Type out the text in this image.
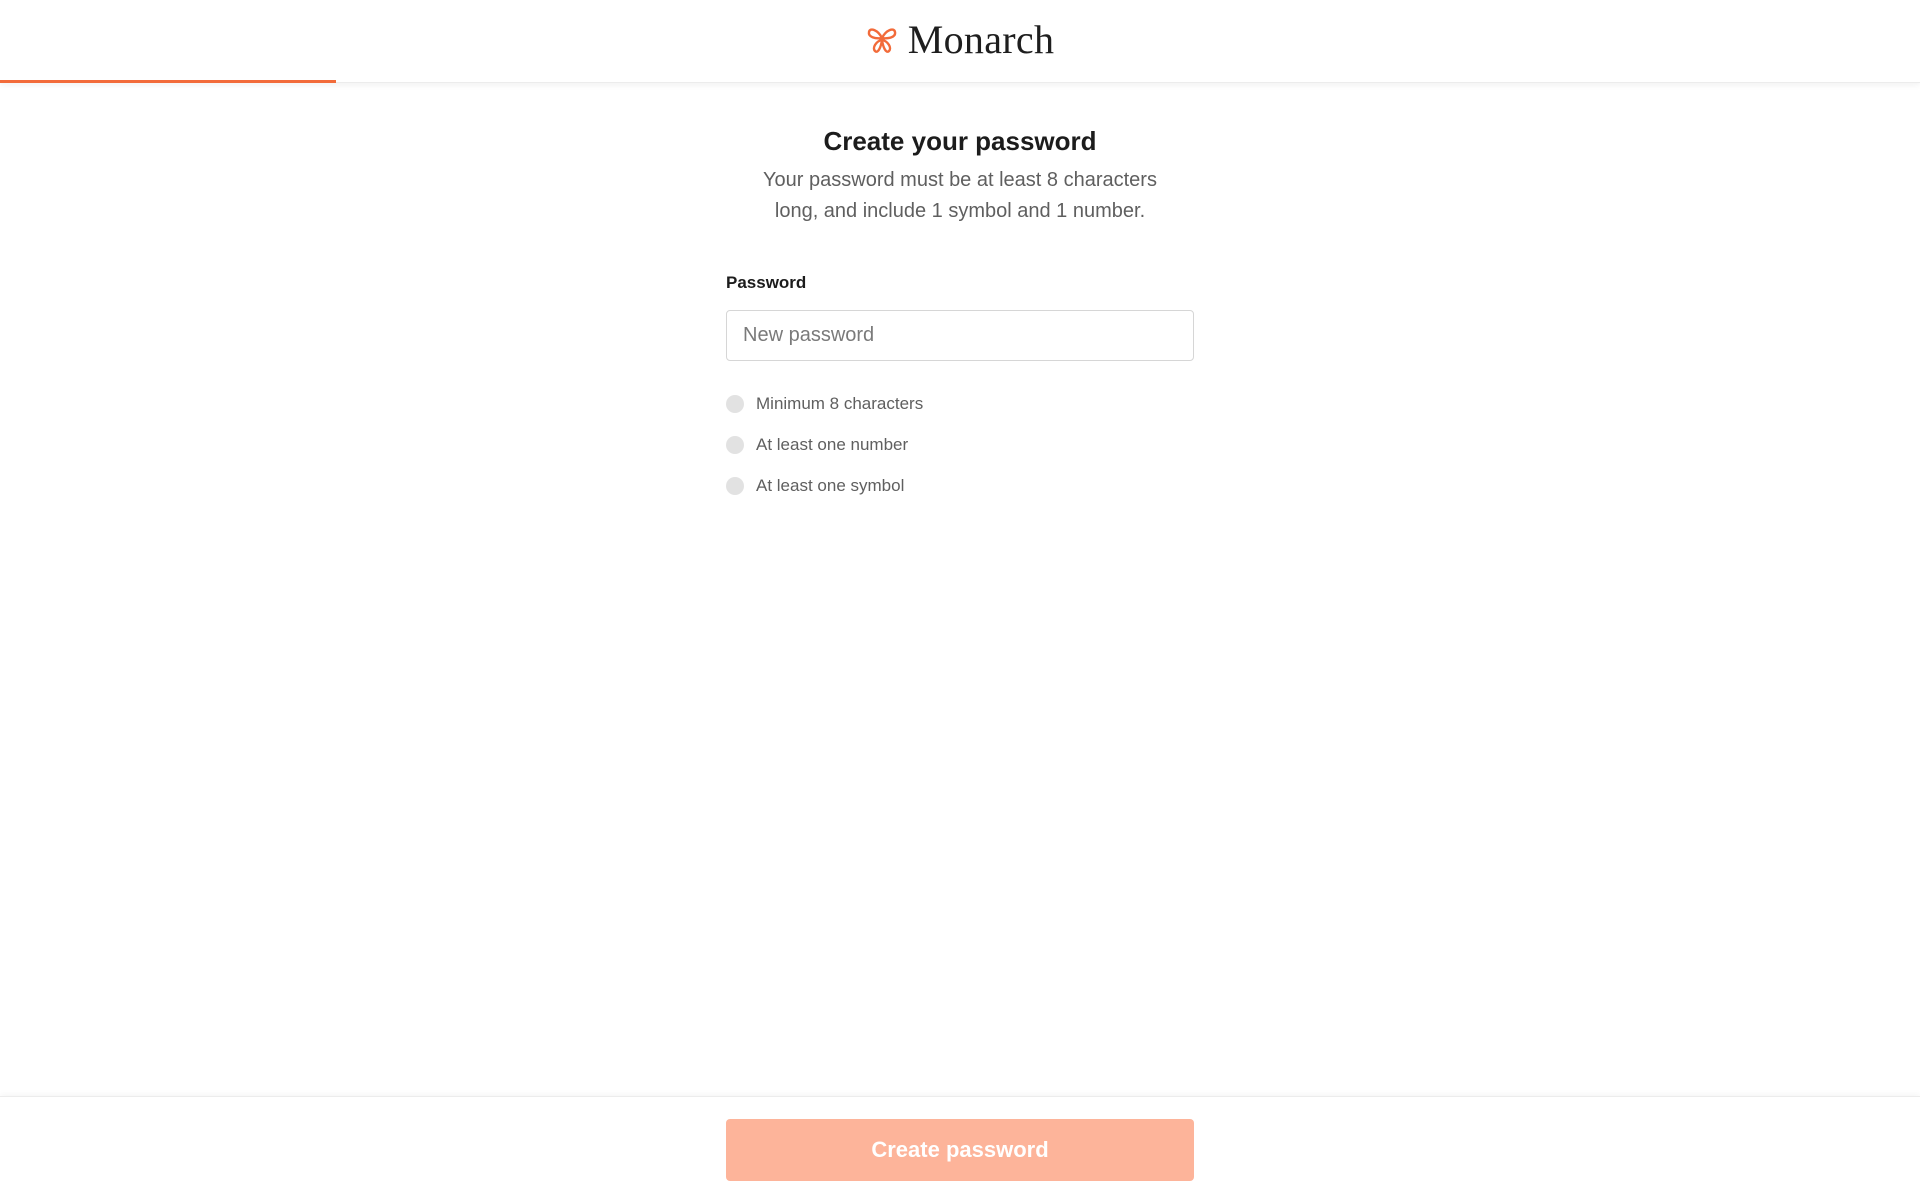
Monarch
Create your password

Your password must be at least 8 characters long, and include 1 symbol and 1 number.

Password
Minimum 8 characters
At least one number
At least one symbol
Create password
